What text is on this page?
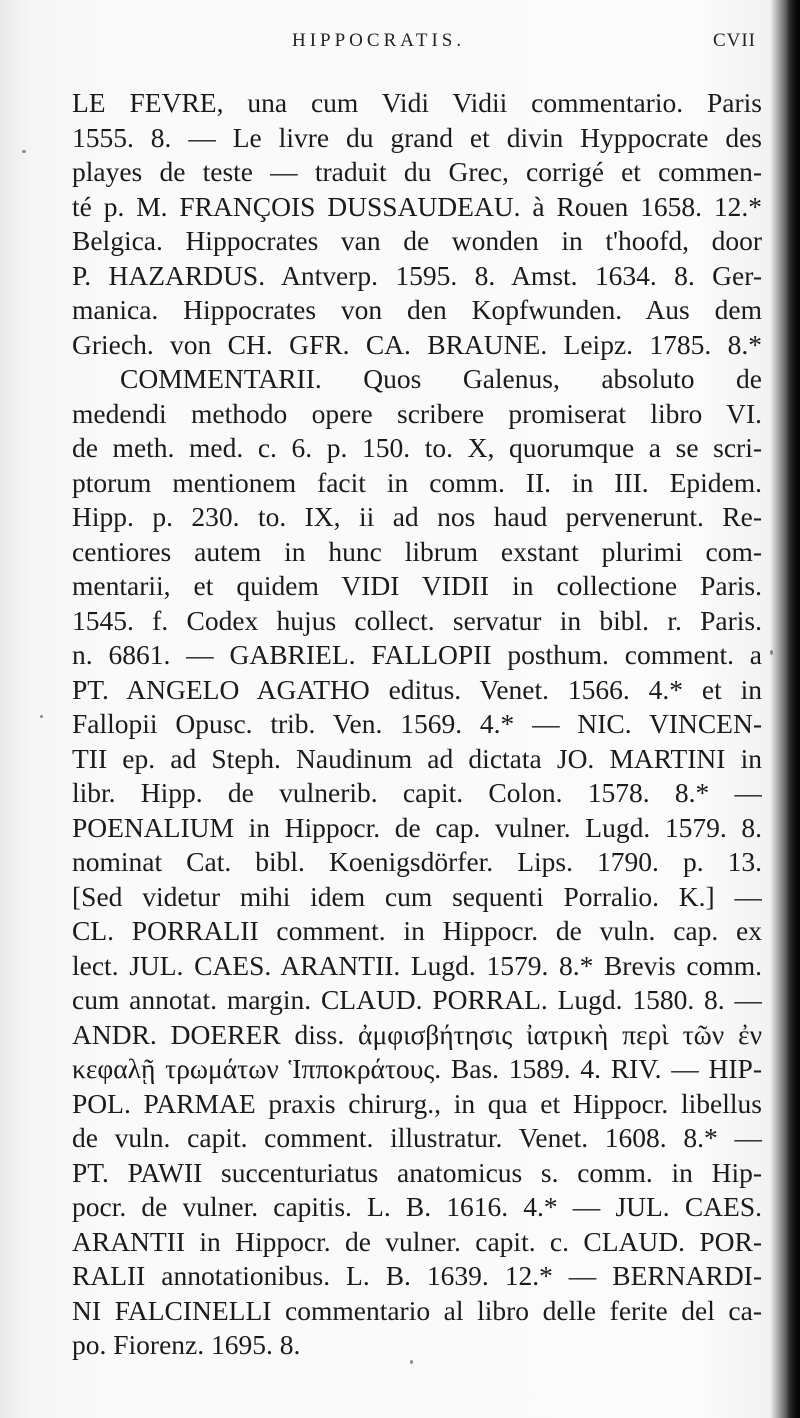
HIPPOCRATIS.	CVII
LE FEVRE, una cum Vidi Vidii commentario. Paris
1555. 8. — Le livre du grand et divin Hyppocrate des
playes de teste — traduit du Grec, corrigé et commen-
té p. M. FRANÇOIS DUSSAUDEAU. à Rouen 1658. 12.*
Belgica. Hippocrates van de wonden in t'hoofd, door
P. HAZARDUS. Antverp. 1595. 8. Amst. 1634. 8. Ger-
manica. Hippocrates von den Kopfwunden. Aus dem
Griech. von CH. GFR. CA. BRAUNE. Leipz. 1785. 8.*
COMMENTARII. Quos Galenus, absoluto de
medendi methodo opere scribere promiserat libro VI.
de meth. med. c. 6. p. 150. to. X, quorumque a se scri-
ptorum mentionem facit in comm. II. in III. Epidem.
Hipp. p. 230. to. IX, ii ad nos haud pervenerunt. Re-
centiores autem in hunc librum exstant plurimi com-
mentarii, et quidem VIDI VIDII in collectione Paris.
1545. f. Codex hujus collect. servatur in bibl. r. Paris.
n. 6861. — GABRIEL. FALLOPII posthum. comment. a
PT. ANGELO AGATHO editus. Venet. 1566. 4.* et in
Fallopii Opusc. trib. Ven. 1569. 4.* — NIC. VINCEN-
TII ep. ad Steph. Naudinum ad dictata JO. MARTINI in
libr. Hipp. de vulnerib. capit. Colon. 1578. 8.* —
POENALIUM in Hippocr. de cap. vulner. Lugd. 1579. 8.
nominat Cat. bibl. Koenigsdörfer. Lips. 1790. p. 13.
[Sed videtur mihi idem cum sequenti Porralio. K.] —
CL. PORRALII comment. in Hippocr. de vuln. cap. ex
lect. JUL. CAES. ARANTII. Lugd. 1579. 8.* Brevis comm.
cum annotat. margin. CLAUD. PORRAL. Lugd. 1580. 8. —
ANDR. DOERER diss. ἀμφισβήτησις ἰατρικὴ περὶ τῶν ἐν
κεφαλῇ τρωμάτων Ἱπποκράτους. Bas. 1589. 4. RIV. — HIP-
POL. PARMAE praxis chirurg., in qua et Hippocr. libellus
de vuln. capit. comment. illustratur. Venet. 1608. 8.* —
PT. PAWII succenturiatus anatomicus s. comm. in Hip-
pocr. de vulner. capitis. L. B. 1616. 4.* — JUL. CAES.
ARANTII in Hippocr. de vulner. capit. c. CLAUD. POR-
RALII annotationibus. L. B. 1639. 12.* — BERNARDI-
NI FALCINELLI commentario al libro delle ferite del ca-
po. Fiorenz. 1695. 8.
